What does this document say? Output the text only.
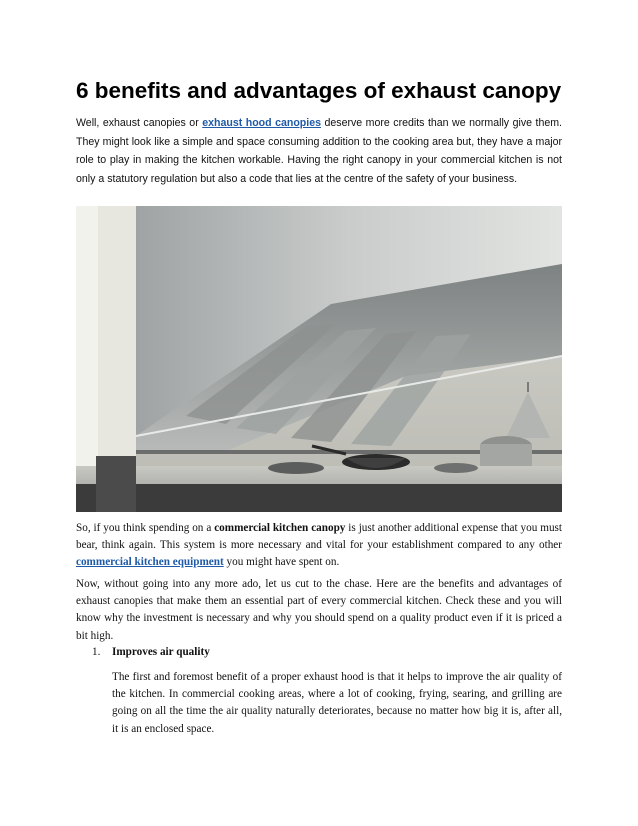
6 benefits and advantages of exhaust canopy

Well, exhaust canopies or exhaust hood canopies deserve more credits than we normally give them. They might look like a simple and space consuming addition to the cooking area but, they have a major role to play in making the kitchen workable. Having the right canopy in your commercial kitchen is not only a statutory regulation but also a code that lies at the centre of the safety of your business.

So, if you think spending on a commercial kitchen canopy is just another additional expense that you must bear, think again. This system is more necessary and vital for your establishment compared to any other commercial kitchen equipment you might have spent on.

Now, without going into any more ado, let us cut to the chase. Here are the benefits and advantages of exhaust canopies that make them an essential part of every commercial kitchen. Check these and you will know why the investment is necessary and why you should spend on a quality product even if it is priced a bit high.

1. Improves air quality

The first and foremost benefit of a proper exhaust hood is that it helps to improve the air quality of the kitchen. In commercial cooking areas, where a lot of cooking, frying, searing, and grilling are going on all the time the air quality naturally deteriorates, because no matter how big it is, after all, it is an enclosed space.
